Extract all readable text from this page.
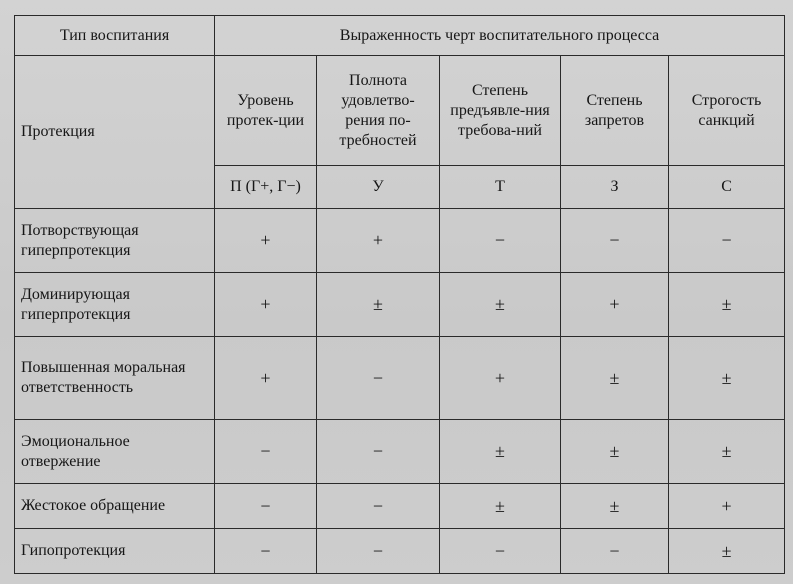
Тип воспитания	Выраженность черт воспитательного процесса				
Протекция	Уровень протек-ции	Полнота удовлетво-рения по-требностей	Степень предъявле-ния требова-ний	Степень запретов	Строгость санкций
	П (Г+, Г−)	У	Т	З	С
Потворствующая гиперпротекция	+	+	−	−	−
Доминирующая гиперпротекция	+	±	±	+	±
Повышенная моральная ответственность	+	−	+	±	±
Эмоциональное отвержение	−	−	±	±	±
Жестокое обращение	−	−	±	±	+
Гипопротекция	−	−	−	−	±
